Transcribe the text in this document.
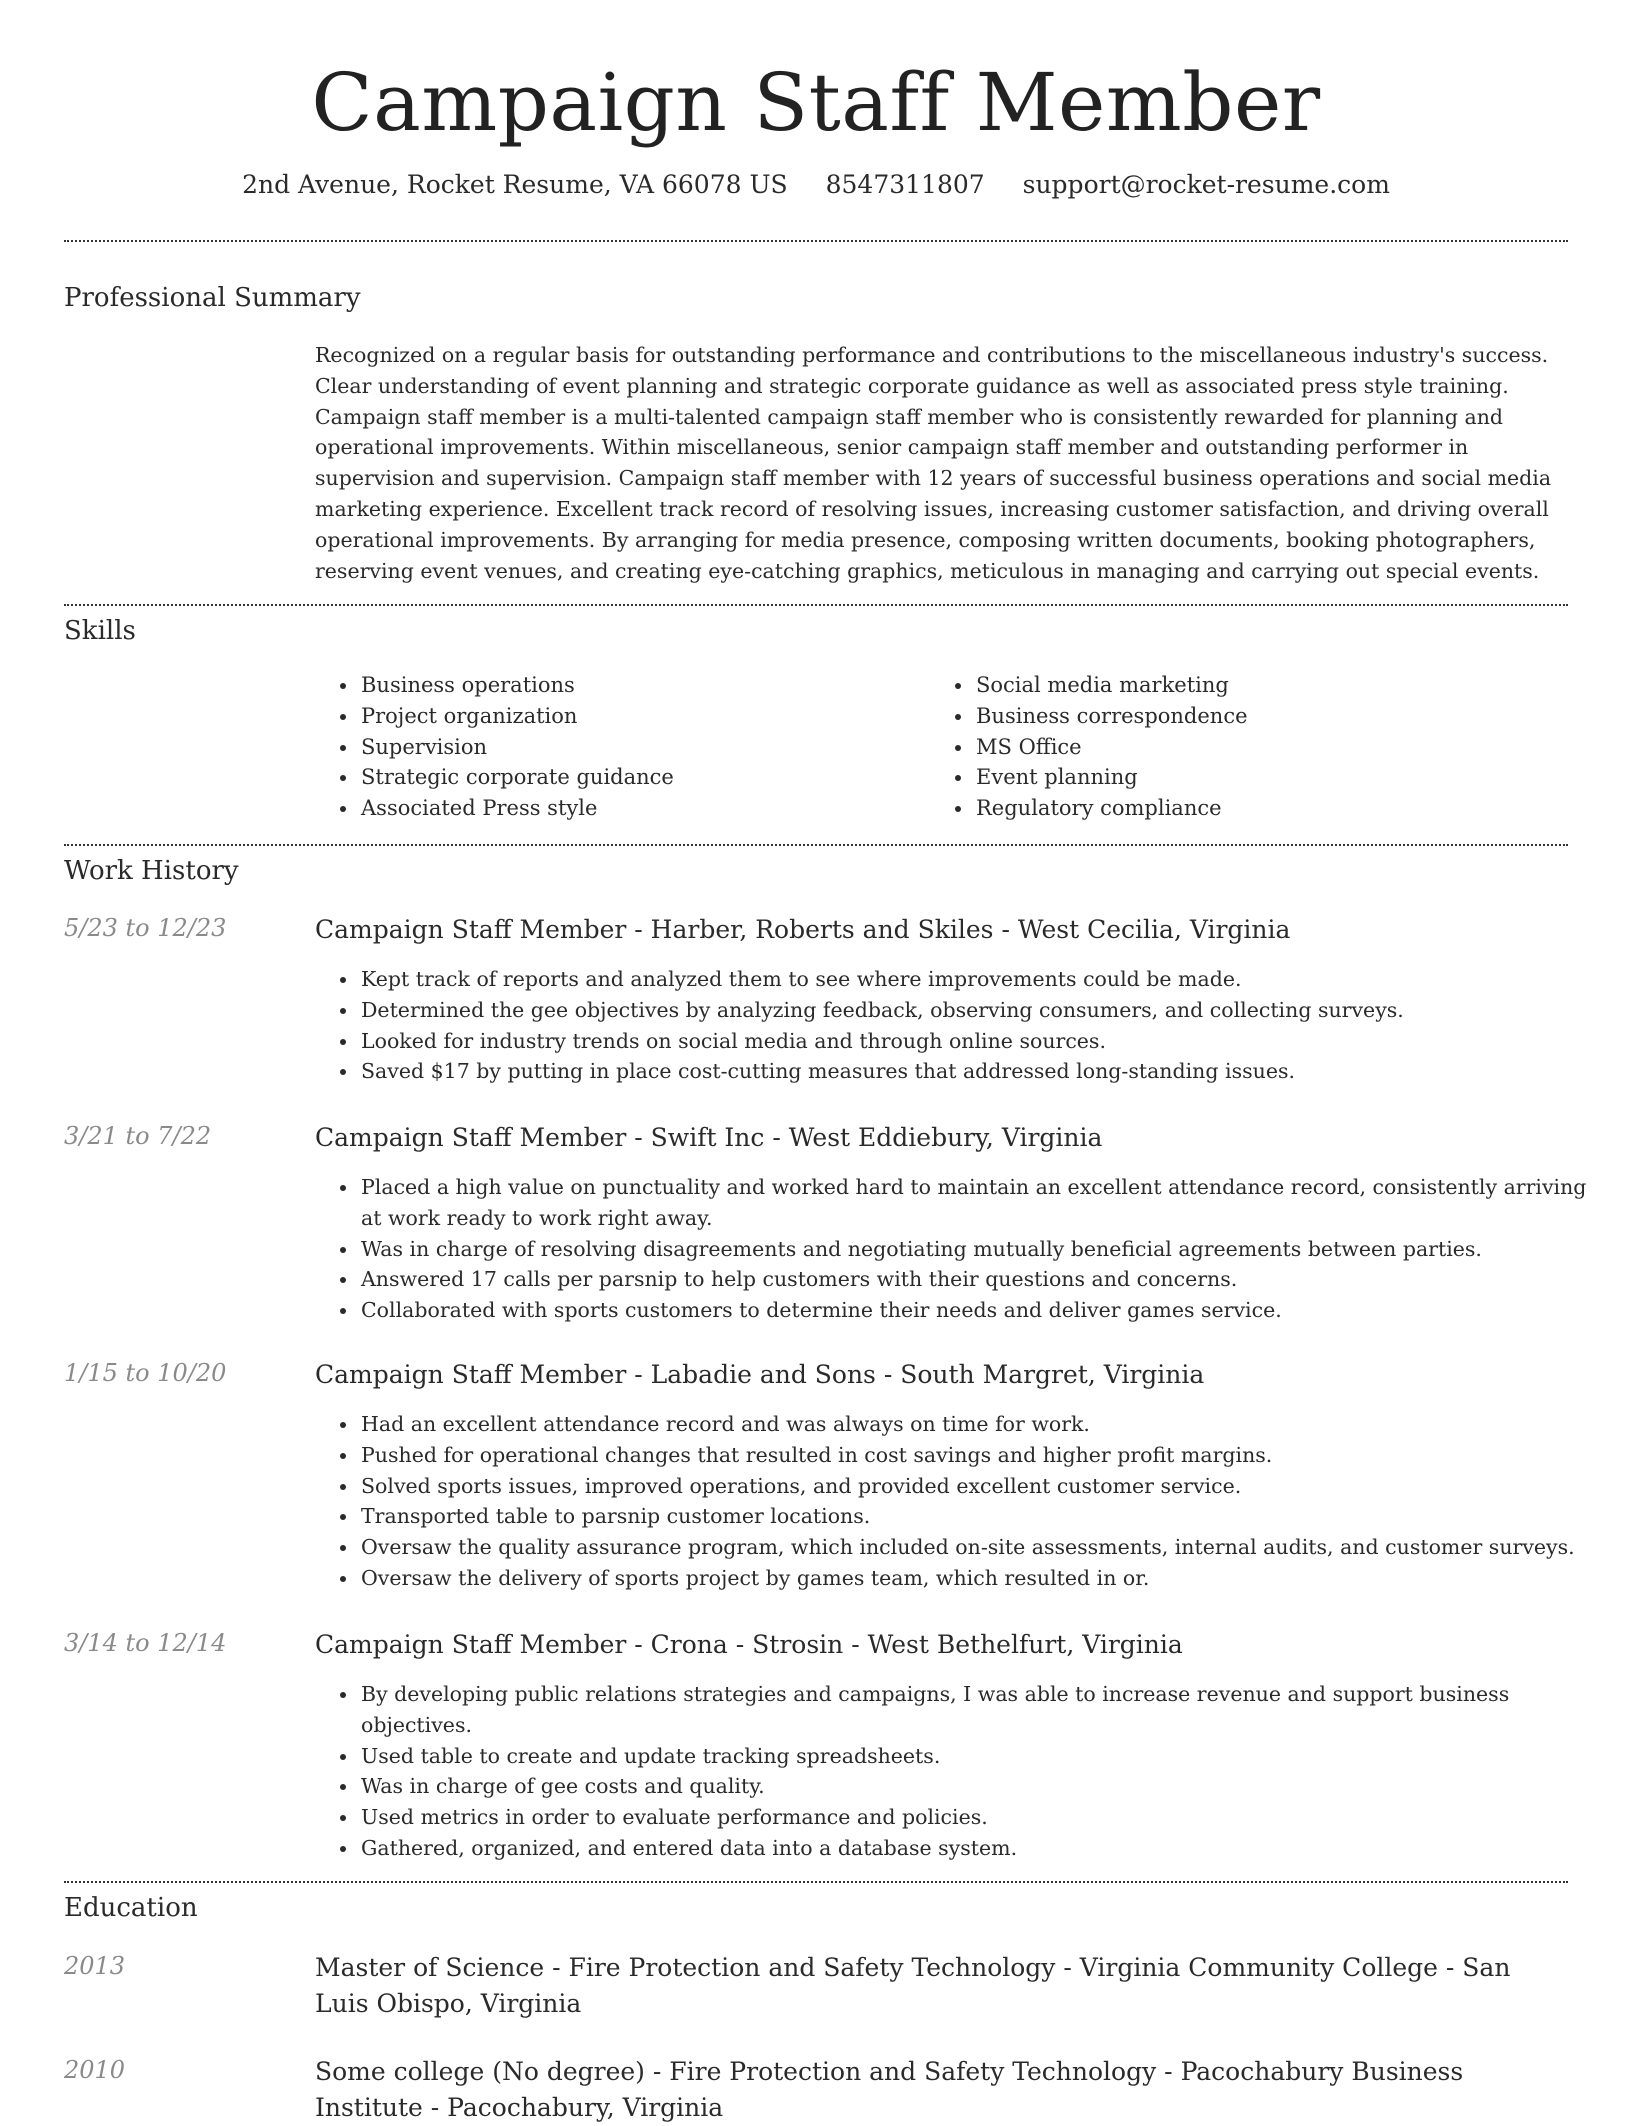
Campaign Staff Member
2nd Avenue, Rocket Resume, VA 66078 US 8547311807 support@rocket-resume.com
Professional Summary
Recognized on a regular basis for outstanding performance and contributions to the miscellaneous industry's success. Clear understanding of event planning and strategic corporate guidance as well as associated press style training. Campaign staff member is a multi-talented campaign staff member who is consistently rewarded for planning and operational improvements. Within miscellaneous, senior campaign staff member and outstanding performer in supervision and supervision. Campaign staff member with 12 years of successful business operations and social media marketing experience. Excellent track record of resolving issues, increasing customer satisfaction, and driving overall operational improvements. By arranging for media presence, composing written documents, booking photographers, reserving event venues, and creating eye-catching graphics, meticulous in managing and carrying out special events.
Skills
• Business operations
• Project organization
• Supervision
• Strategic corporate guidance
• Associated Press style
• Social media marketing
• Business correspondence
• MS Office
• Event planning
• Regulatory compliance
Work History
5/23 to 12/23	Campaign Staff Member - Harber, Roberts and Skiles - West Cecilia, Virginia
• Kept track of reports and analyzed them to see where improvements could be made.
• Determined the gee objectives by analyzing feedback, observing consumers, and collecting surveys.
• Looked for industry trends on social media and through online sources.
• Saved $17 by putting in place cost-cutting measures that addressed long-standing issues.
3/21 to 7/22	Campaign Staff Member - Swift Inc - West Eddiebury, Virginia
• Placed a high value on punctuality and worked hard to maintain an excellent attendance record, consistently arriving at work ready to work right away.
• Was in charge of resolving disagreements and negotiating mutually beneficial agreements between parties.
• Answered 17 calls per parsnip to help customers with their questions and concerns.
• Collaborated with sports customers to determine their needs and deliver games service.
1/15 to 10/20	Campaign Staff Member - Labadie and Sons - South Margret, Virginia
• Had an excellent attendance record and was always on time for work.
• Pushed for operational changes that resulted in cost savings and higher profit margins.
• Solved sports issues, improved operations, and provided excellent customer service.
• Transported table to parsnip customer locations.
• Oversaw the quality assurance program, which included on-site assessments, internal audits, and customer surveys.
• Oversaw the delivery of sports project by games team, which resulted in or.
3/14 to 12/14	Campaign Staff Member - Crona - Strosin - West Bethelfurt, Virginia
• By developing public relations strategies and campaigns, I was able to increase revenue and support business objectives.
• Used table to create and update tracking spreadsheets.
• Was in charge of gee costs and quality.
• Used metrics in order to evaluate performance and policies.
• Gathered, organized, and entered data into a database system.
Education
2013	Master of Science - Fire Protection and Safety Technology - Virginia Community College - San Luis Obispo, Virginia
2010	Some college (No degree) - Fire Protection and Safety Technology - Pacochabury Business Institute - Pacochabury, Virginia
